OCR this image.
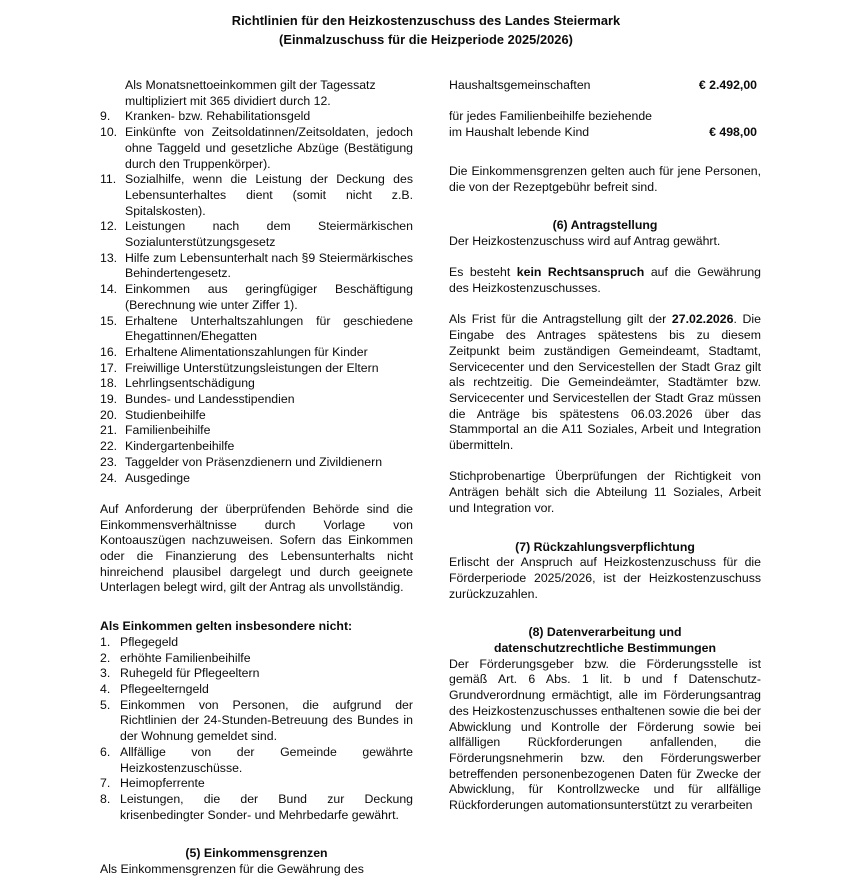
Richtlinien für den Heizkostenzuschuss des Landes Steiermark
(Einmalzuschuss für die Heizperiode 2025/2026)

Als Monatsnettoeinkommen gilt der Tagessatz multipliziert mit 365 dividiert durch 12.

9.	Kranken- bzw. Rehabilitationsgeld
10. Einkünfte von Zeitsoldatinnen/Zeitsoldaten, jedoch ohne Taggeld und gesetzliche Abzüge (Bestätigung durch den Truppenkörper).
11. Sozialhilfe, wenn die Leistung der Deckung des Lebensunterhaltes dient (somit nicht z.B. Spitalskosten).
12. Leistungen nach dem Steiermärkischen Sozialunterstützungsgesetz
13. Hilfe zum Lebensunterhalt nach §9 Steiermärkisches Behindertengesetz.
14. Einkommen aus geringfügiger Beschäftigung (Berechnung wie unter Ziffer 1).
15. Erhaltene Unterhaltszahlungen für geschiedene Ehegattinnen/Ehegatten
16. Erhaltene Alimentationszahlungen für Kinder
17. Freiwillige Unterstützungsleistungen der Eltern
18. Lehrlingsentschädigung
19. Bundes- und Landesstipendien
20. Studienbeihilfe
21. Familienbeihilfe
22. Kindergartenbeihilfe
23. Taggelder von Präsenzdienern und Zivildienern
24. Ausgedinge

Auf Anforderung der überprüfenden Behörde sind die Einkommensverhältnisse durch Vorlage von Kontoauszügen nachzuweisen. Sofern das Einkommen oder die Finanzierung des Lebensunterhalts nicht hinreichend plausibel dargelegt und durch geeignete Unterlagen belegt wird, gilt der Antrag als unvollständig.

Als Einkommen gelten insbesondere nicht:

1. Pflegegeld
2. erhöhte Familienbeihilfe
3. Ruhegeld für Pflegeeltern
4. Pflegeelterngeld
5. Einkommen von Personen, die aufgrund der Richtlinien der 24-Stunden-Betreuung des Bundes in der Wohnung gemeldet sind.
6. Allfällige von der Gemeinde gewährte Heizkostenzuschüsse.
7. Heimopferrente
8. Leistungen, die der Bund zur Deckung krisenbedingter Sonder- und Mehrbedarfe gewährt.

(5) Einkommensgrenzen

Als Einkommensgrenzen für die Gewährung des

Haushaltsgemeinschaften	€ 2.492,00

für jedes Familienbeihilfe beziehende

im Haushalt lebende Kind	€ 498,00

Die Einkommensgrenzen gelten auch für jene Personen, die von der Rezeptgebühr befreit sind.

(6) Antragstellung

Der Heizkostenzuschuss wird auf Antrag gewährt.

Es besteht kein Rechtsanspruch auf die Gewährung des Heizkostenzuschusses.

Als Frist für die Antragstellung gilt der 27.02.2026. Die Eingabe des Antrages spätestens bis zu diesem Zeitpunkt beim zuständigen Gemeindeamt, Stadtamt, Servicecenter und den Servicestellen der Stadt Graz gilt als rechtzeitig. Die Gemeindeämter, Stadtämter bzw. Servicecenter und Servicestellen der Stadt Graz müssen die Anträge bis spätestens 06.03.2026 über das Stammportal an die A11 Soziales, Arbeit und Integration übermitteln.

Stichprobenartige Überprüfungen der Richtigkeit von Anträgen behält sich die Abteilung 11 Soziales, Arbeit und Integration vor.

(7) Rückzahlungsverpflichtung

Erlischt der Anspruch auf Heizkostenzuschuss für die Förderperiode 2025/2026, ist der Heizkostenzuschuss zurückzuzahlen.

(8) Datenverarbeitung und

datenschutzrechtliche Bestimmungen

Der Förderungsgeber bzw. die Förderungsstelle ist gemäß Art. 6 Abs. 1 lit. b und f Datenschutz- Grundverordnung ermächtigt, alle im Förderungsantrag des Heizkostenzuschusses enthaltenen sowie die bei der Abwicklung und Kontrolle der Förderung sowie bei allfälligen Rückforderungen anfallenden, die Förderungsnehmerin bzw. den Förderungswerber betreffenden personenbezogenen Daten für Zwecke der Abwicklung, für Kontrollzwecke und für allfällige Rückforderungen automationsunterstützt zu verarbeiten
